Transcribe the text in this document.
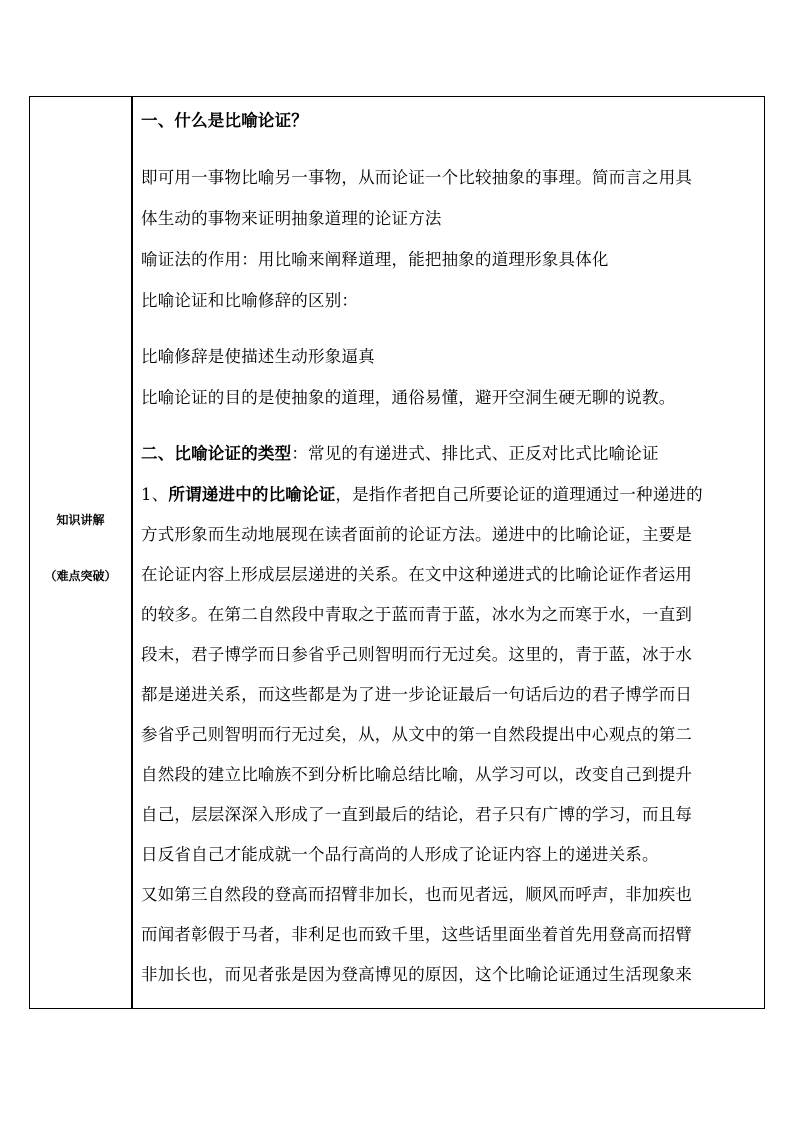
知识讲解
（难点突破）
一、什么是比喻论证？
即可用一事物比喻另一事物，从而论证一个比较抽象的事理。简而言之用具
体生动的事物来证明抽象道理的论证方法
喻证法的作用：用比喻来阐释道理，能把抽象的道理形象具体化
比喻论证和比喻修辞的区别：
比喻修辞是使描述生动形象逼真
比喻论证的目的是使抽象的道理，通俗易懂，避开空洞生硬无聊的说教。
二、比喻论证的类型：常见的有递进式、排比式、正反对比式比喻论证
1、所谓递进中的比喻论证，是指作者把自己所要论证的道理通过一种递进的
方式形象而生动地展现在读者面前的论证方法。递进中的比喻论证，主要是
在论证内容上形成层层递进的关系。在文中这种递进式的比喻论证作者运用
的较多。在第二自然段中青取之于蓝而青于蓝，冰水为之而寒于水，一直到
段末，君子博学而日参省乎己则智明而行无过矣。这里的，青于蓝，冰于水
都是递进关系，而这些都是为了进一步论证最后一句话后边的君子博学而日
参省乎己则智明而行无过矣，从，从文中的第一自然段提出中心观点的第二
自然段的建立比喻族不到分析比喻总结比喻，从学习可以，改变自己到提升
自己，层层深深入形成了一直到最后的结论，君子只有广博的学习，而且每
日反省自己才能成就一个品行高尚的人形成了论证内容上的递进关系。
又如第三自然段的登高而招臂非加长，也而见者远，顺风而呼声，非加疾也
而闻者彰假于马者，非利足也而致千里，这些话里面坐着首先用登高而招臂
非加长也，而见者张是因为登高博见的原因，这个比喻论证通过生活现象来
